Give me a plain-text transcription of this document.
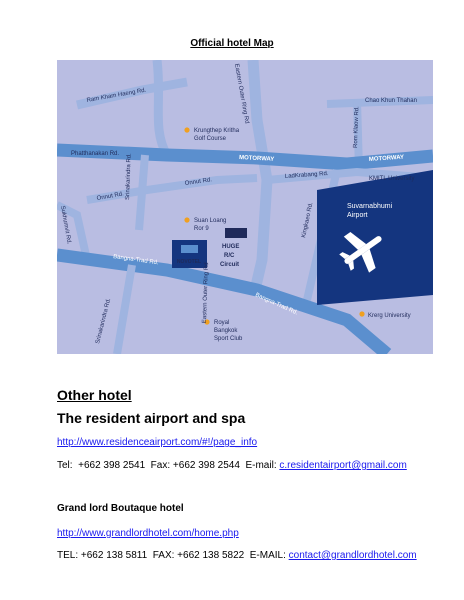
Official hotel Map
NOVOTEL
Ram Kham Haeng Rd.	Eastern Outer Ring Rd	Chao Khun Thahan
Rom Klaow Rd.
Phatthanakan Rd.
MOTORWAY	MOTORWAY
Srinakarindra Rd.
Onnut Rd.
Onnut Rd.
LadKrabang Rd.	KMITL University
Sukhumvit Rd.
Eastern Outer Ring Rd
Kingkaeo Rd.
Bangna-Trad Rd.
Bangna-Trad Rd.
Srinakarindra Rd.
Krungthep Kritha
Golf Course
Suan Loang
Ror 9
HUGE
R/C
Circuit
Suvarnabhumi
Airport
Krerg University
Royal
Bangkok
Sport Club
Other hotel
The resident airport and spa
http://www.residenceairport.com/#!/page_info
Tel:  +662 398 2541  Fax: +662 398 2544  E-mail: c.residentairport@gmail.com
Grand lord Boutaque hotel
http://www.grandlordhotel.com/home.php
TEL: +662 138 5811  FAX: +662 138 5822  E-MAIL: contact@grandlordhotel.com
